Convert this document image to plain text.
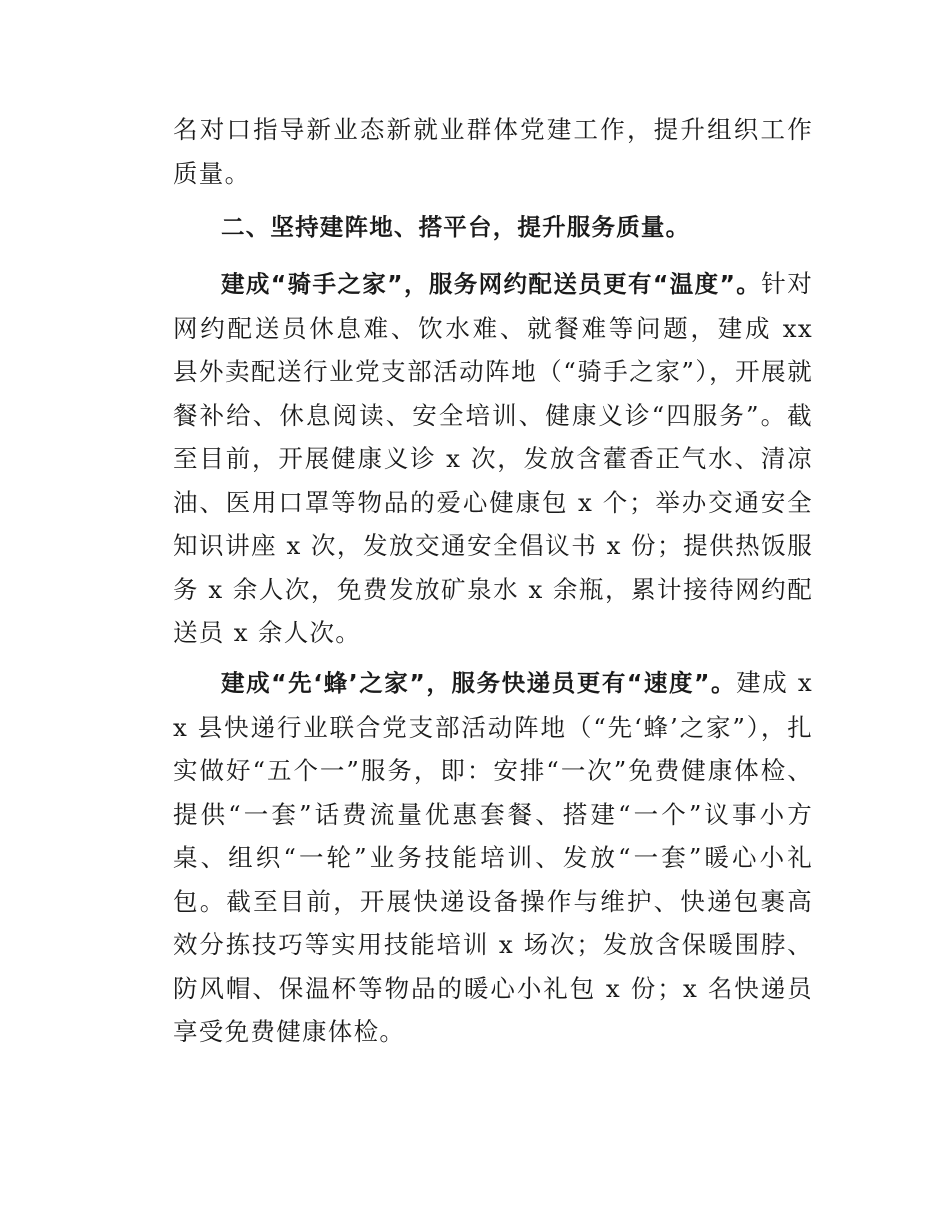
名对口指导新业态新就业群体党建工作，提升组织工作质量。
二、坚持建阵地、搭平台，提升服务质量。
建成“骑手之家”，服务网约配送员更有“温度”。针对网约配送员休息难、饮水难、就餐难等问题，建成 xx 县外卖配送行业党支部活动阵地（“骑手之家”），开展就餐补给、休息阅读、安全培训、健康义诊“四服务”。截至目前，开展健康义诊 x 次，发放含藿香正气水、清凉油、医用口罩等物品的爱心健康包 x 个；举办交通安全知识讲座 x 次，发放交通安全倡议书 x 份；提供热饭服务 x 余人次，免费发放矿泉水 x 余瓶，累计接待网约配送员 x 余人次。
建成“先‘蜂’之家”，服务快递员更有“速度”。建成 xx 县快递行业联合党支部活动阵地（“先‘蜂’之家”），扎实做好“五个一”服务，即：安排“一次”免费健康体检、提供“一套”话费流量优惠套餐、搭建“一个”议事小方桌、组织“一轮”业务技能培训、发放“一套”暖心小礼包。截至目前，开展快递设备操作与维护、快递包裹高效分拣技巧等实用技能培训 x 场次；发放含保暖围脖、防风帽、保温杯等物品的暖心小礼包 x 份；x 名快递员享受免费健康体检。
